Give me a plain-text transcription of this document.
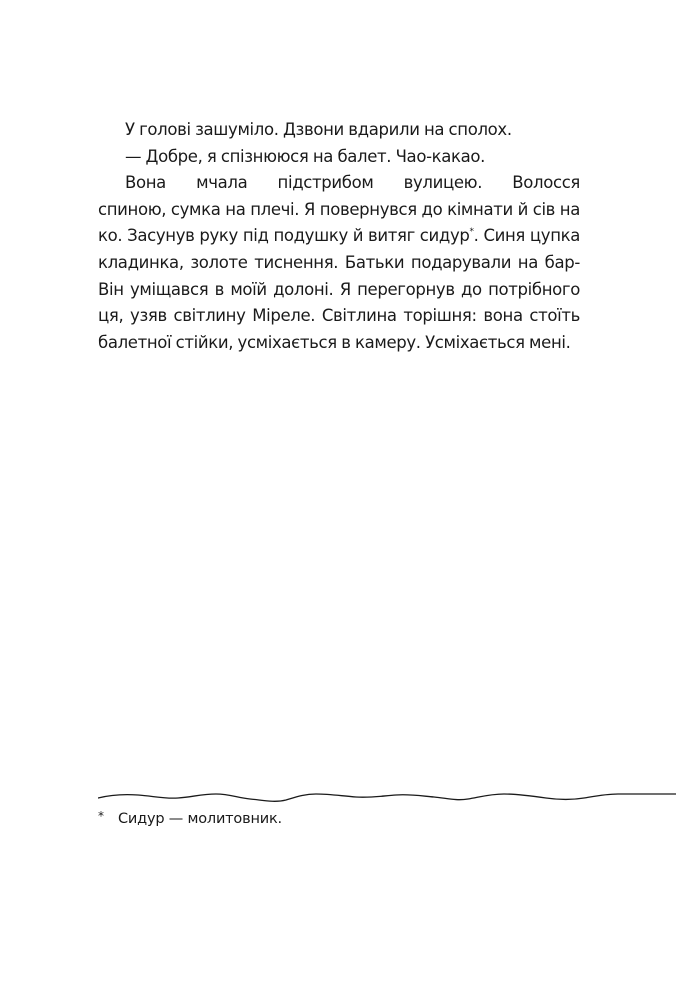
У голові зашуміло. Дзвони вдарили на сполох.
— Добре, я спізнююся на балет. Чао-какао.
Вона мчала підстрибом вулицею. Волосся
спиною, сумка на плечі. Я повернувся до кімнати й сів на
ко. Засунув руку під подушку й витяг сидур*. Синя цупка
кладинка, золоте тиснення. Батьки подарували на бар-
Він уміщався в моїй долоні. Я перегорнув до потрібного
ця, узяв світлину Міреле. Світлина торішня: вона стоїть
балетної стійки, усміхається в камеру. Усміхається мені.
* Сидур — молитовник.
